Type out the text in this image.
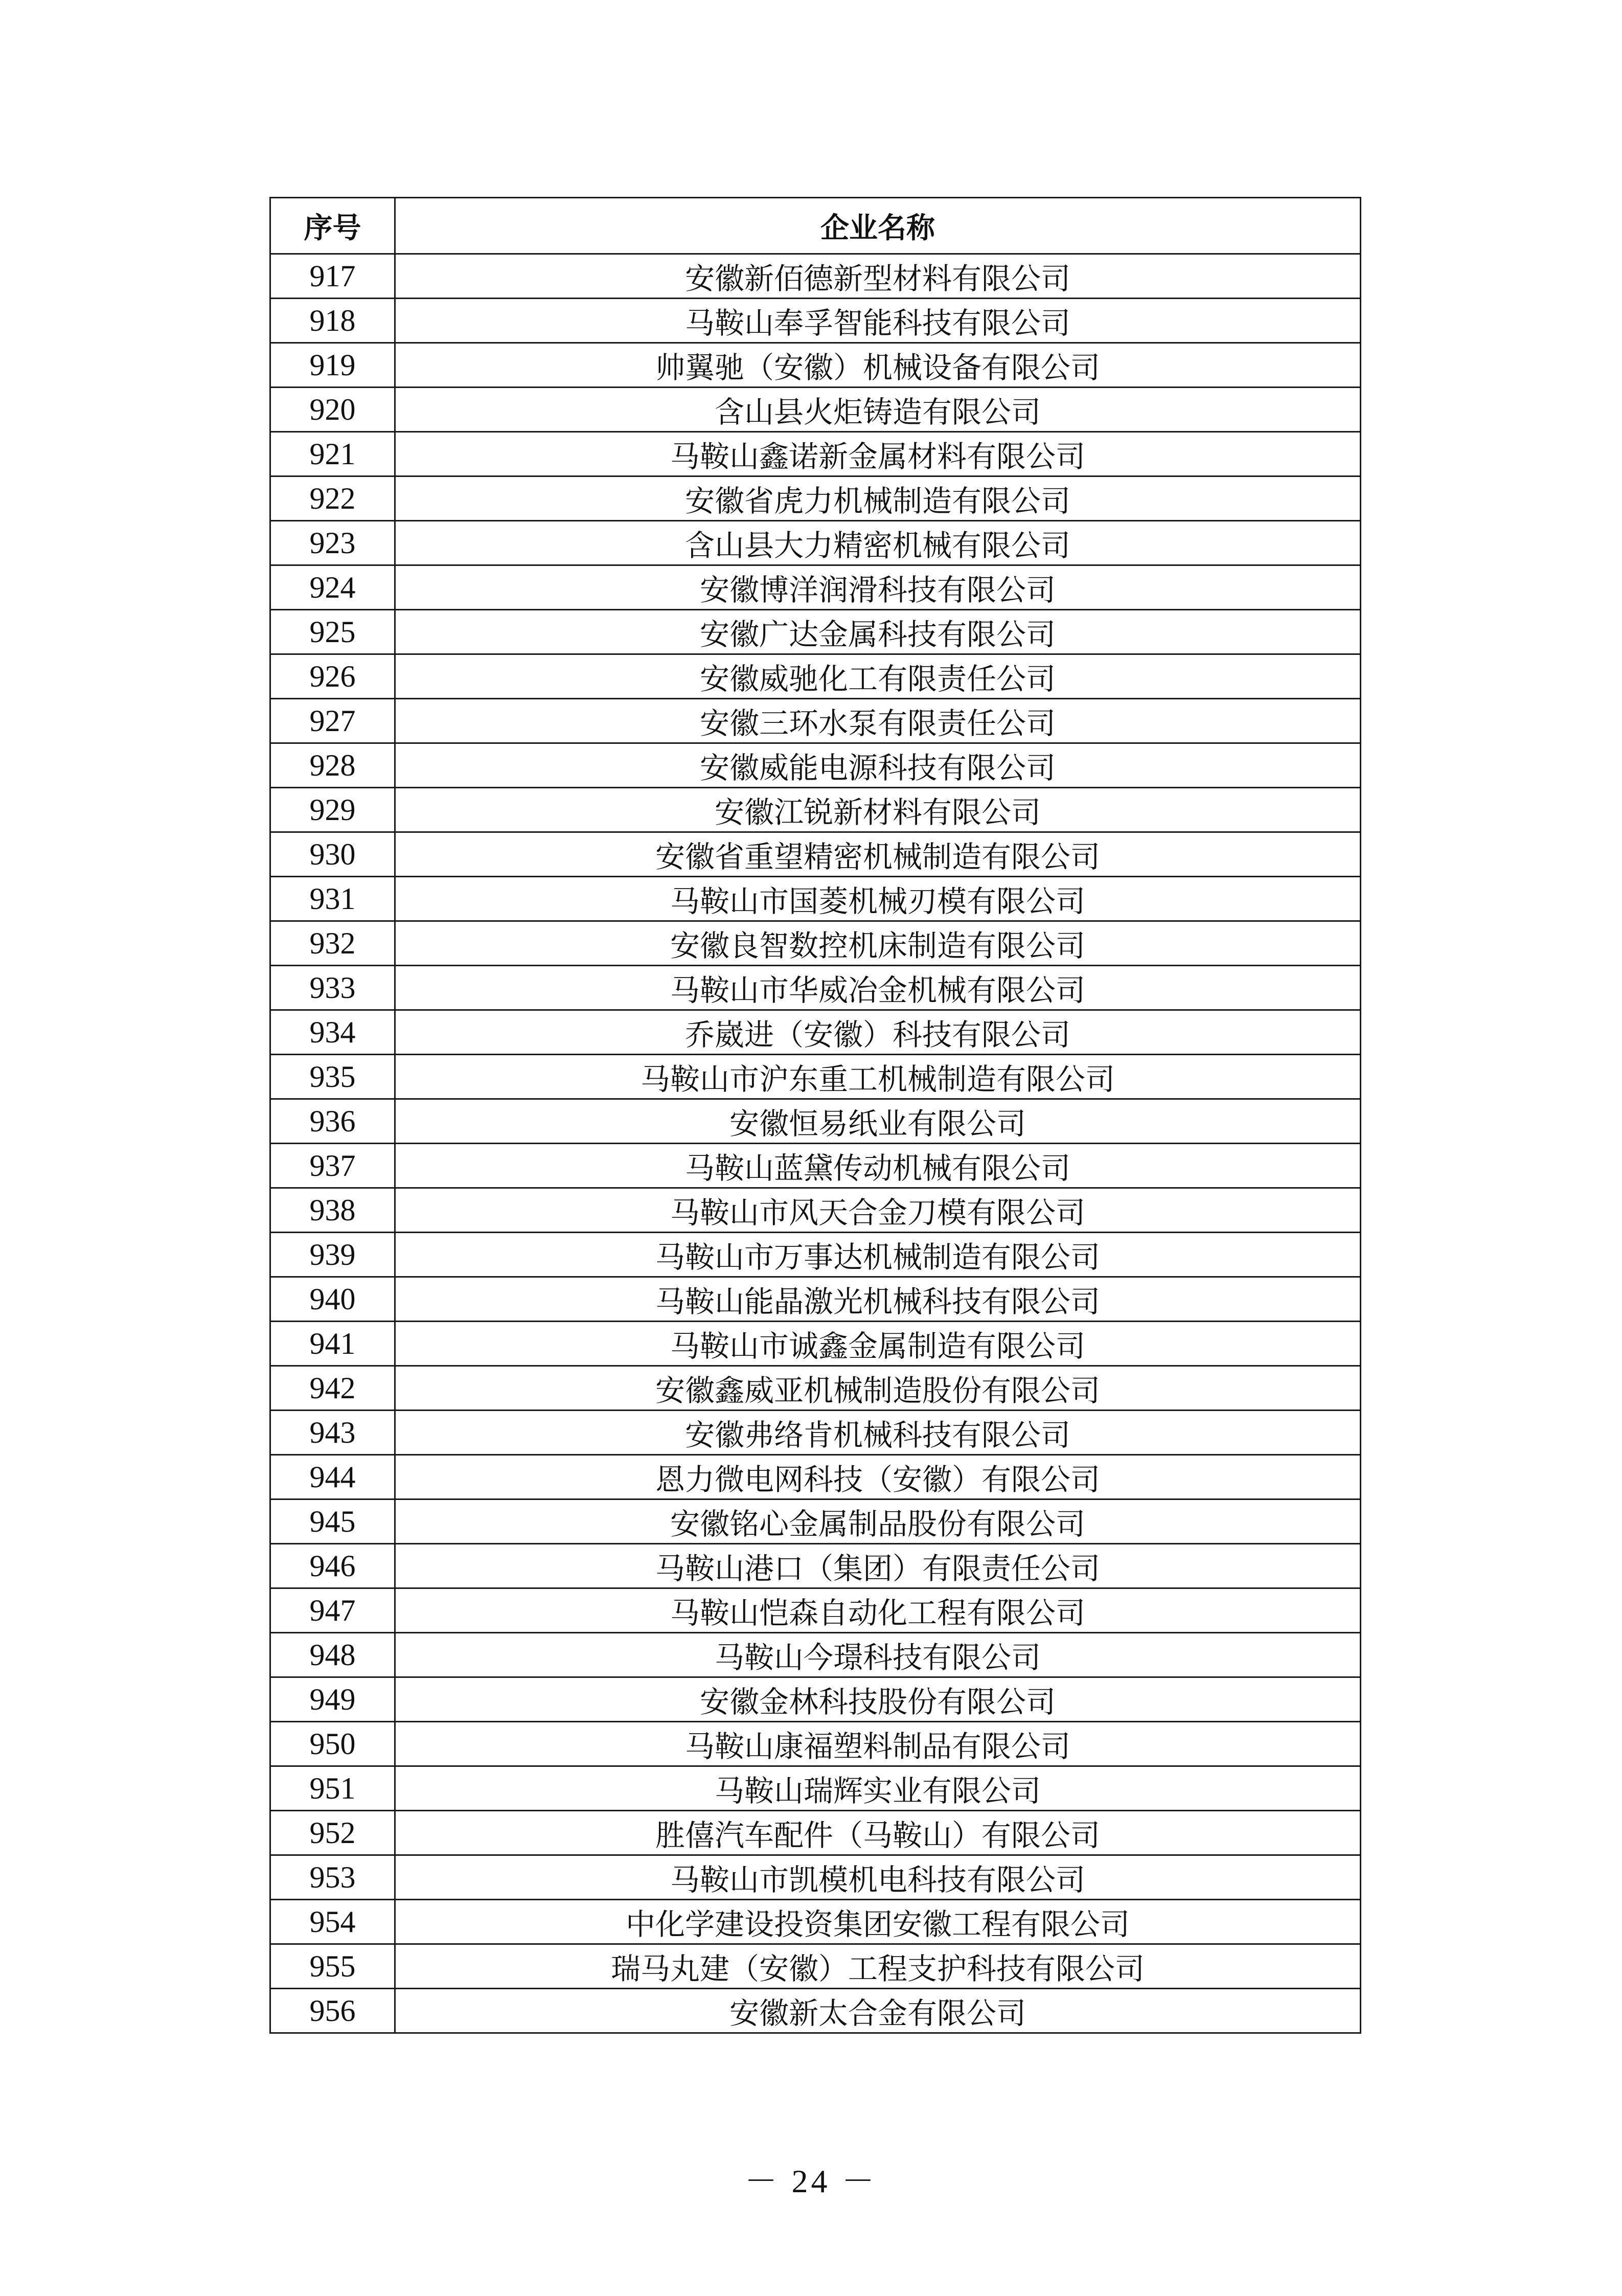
序号	企业名称
917	安徽新佰德新型材料有限公司
918	马鞍山奉孚智能科技有限公司
919	帅翼驰（安徽）机械设备有限公司
920	含山县火炬铸造有限公司
921	马鞍山鑫诺新金属材料有限公司
922	安徽省虎力机械制造有限公司
923	含山县大力精密机械有限公司
924	安徽博洋润滑科技有限公司
925	安徽广达金属科技有限公司
926	安徽威驰化工有限责任公司
927	安徽三环水泵有限责任公司
928	安徽威能电源科技有限公司
929	安徽江锐新材料有限公司
930	安徽省重望精密机械制造有限公司
931	马鞍山市国菱机械刃模有限公司
932	安徽良智数控机床制造有限公司
933	马鞍山市华威冶金机械有限公司
934	乔崴进（安徽）科技有限公司
935	马鞍山市沪东重工机械制造有限公司
936	安徽恒易纸业有限公司
937	马鞍山蓝黛传动机械有限公司
938	马鞍山市风天合金刀模有限公司
939	马鞍山市万事达机械制造有限公司
940	马鞍山能晶激光机械科技有限公司
941	马鞍山市诚鑫金属制造有限公司
942	安徽鑫威亚机械制造股份有限公司
943	安徽弗络肯机械科技有限公司
944	恩力微电网科技（安徽）有限公司
945	安徽铭心金属制品股份有限公司
946	马鞍山港口（集团）有限责任公司
947	马鞍山恺森自动化工程有限公司
948	马鞍山今璟科技有限公司
949	安徽金林科技股份有限公司
950	马鞍山康福塑料制品有限公司
951	马鞍山瑞辉实业有限公司
952	胜僖汽车配件（马鞍山）有限公司
953	马鞍山市凯模机电科技有限公司
954	中化学建设投资集团安徽工程有限公司
955	瑞马丸建（安徽）工程支护科技有限公司
956	安徽新太合金有限公司
－ 24 －
